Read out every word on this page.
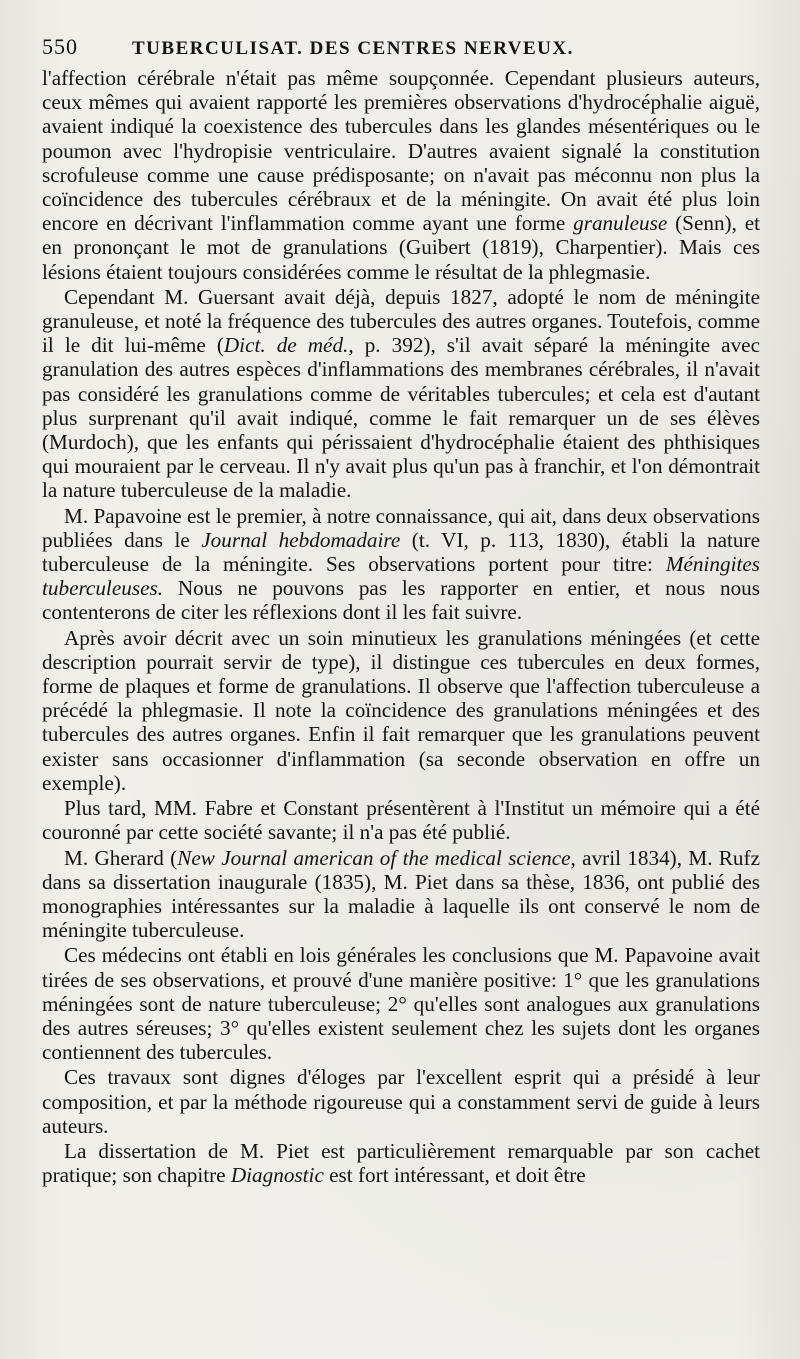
550	TUBERCULISAT. DES CENTRES NERVEUX.

l'affection cérébrale n'était pas même soupçonnée. Cependant plusieurs auteurs, ceux mêmes qui avaient rapporté les premières observations d'hydrocéphalie aiguë, avaient indiqué la coexistence des tubercules dans les glandes mésentériques ou le poumon avec l'hydropisie ventriculaire. D'autres avaient signalé la constitution scrofuleuse comme une cause prédisposante; on n'avait pas méconnu non plus la coïncidence des tubercules cérébraux et de la méningite. On avait été plus loin encore en décrivant l'inflammation comme ayant une forme granuleuse (Senn), et en prononçant le mot de granulations (Guibert (1819), Charpentier). Mais ces lésions étaient toujours considérées comme le résultat de la phlegmasie.

Cependant M. Guersant avait déjà, depuis 1827, adopté le nom de méningite granuleuse, et noté la fréquence des tubercules des autres organes. Toutefois, comme il le dit lui-même (Dict. de méd., p. 392), s'il avait séparé la méningite avec granulation des autres espèces d'inflammations des membranes cérébrales, il n'avait pas considéré les granulations comme de véritables tubercules; et cela est d'autant plus surprenant qu'il avait indiqué, comme le fait remarquer un de ses élèves (Murdoch), que les enfants qui périssaient d'hydrocéphalie étaient des phthisiques qui mouraient par le cerveau. Il n'y avait plus qu'un pas à franchir, et l'on démontrait la nature tuberculeuse de la maladie.

M. Papavoine est le premier, à notre connaissance, qui ait, dans deux observations publiées dans le Journal hebdomadaire (t. VI, p. 113, 1830), établi la nature tuberculeuse de la méningite. Ses observations portent pour titre: Méningites tuberculeuses. Nous ne pouvons pas les rapporter en entier, et nous nous contenterons de citer les réflexions dont il les fait suivre.

Après avoir décrit avec un soin minutieux les granulations méningées (et cette description pourrait servir de type), il distingue ces tubercules en deux formes, forme de plaques et forme de granulations. Il observe que l'affection tuberculeuse a précédé la phlegmasie. Il note la coïncidence des granulations méningées et des tubercules des autres organes. Enfin il fait remarquer que les granulations peuvent exister sans occasionner d'inflammation (sa seconde observation en offre un exemple).

Plus tard, MM. Fabre et Constant présentèrent à l'Institut un mémoire qui a été couronné par cette société savante; il n'a pas été publié.

M. Gherard (New Journal american of the medical science, avril 1834), M. Rufz dans sa dissertation inaugurale (1835), M. Piet dans sa thèse, 1836, ont publié des monographies intéressantes sur la maladie à laquelle ils ont conservé le nom de méningite tuberculeuse.

Ces médecins ont établi en lois générales les conclusions que M. Papavoine avait tirées de ses observations, et prouvé d'une manière positive: 1° que les granulations méningées sont de nature tuberculeuse; 2° qu'elles sont analogues aux granulations des autres séreuses; 3° qu'elles existent seulement chez les sujets dont les organes contiennent des tubercules.

Ces travaux sont dignes d'éloges par l'excellent esprit qui a présidé à leur composition, et par la méthode rigoureuse qui a constamment servi de guide à leurs auteurs.

La dissertation de M. Piet est particulièrement remarquable par son cachet pratique; son chapitre Diagnostic est fort intéressant, et doit être
